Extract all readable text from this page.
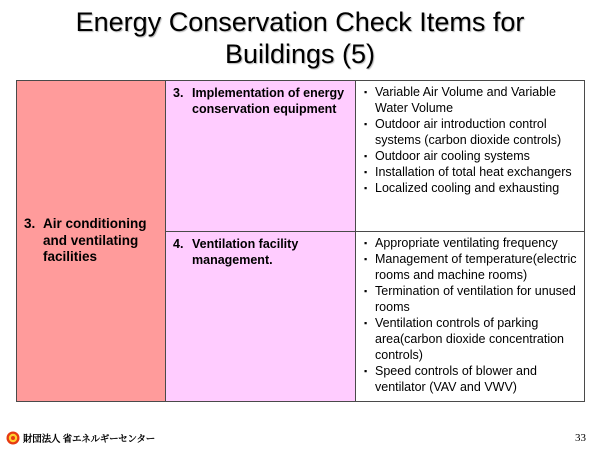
Energy Conservation Check Items for
Buildings (5)
3. Air conditioning and ventilating facilities	3. Implementation of energy conservation equipment	▪ Variable Air Volume and Variable Water Volume
▪ Outdoor air introduction control systems (carbon dioxide controls)
▪ Outdoor air cooling systems
▪ Installation of total heat exchangers
▪ Localized cooling and exhausting

	4. Ventilation facility management.	▪ Appropriate ventilating frequency
▪ Management of temperature(electric rooms and machine rooms)
▪ Termination of ventilation for unused rooms
▪ Ventilation controls of parking area(carbon dioxide concentration controls)
▪ Speed controls of blower and ventilator (VAV and VWV)
財団法人 省エネルギーセンター	33
